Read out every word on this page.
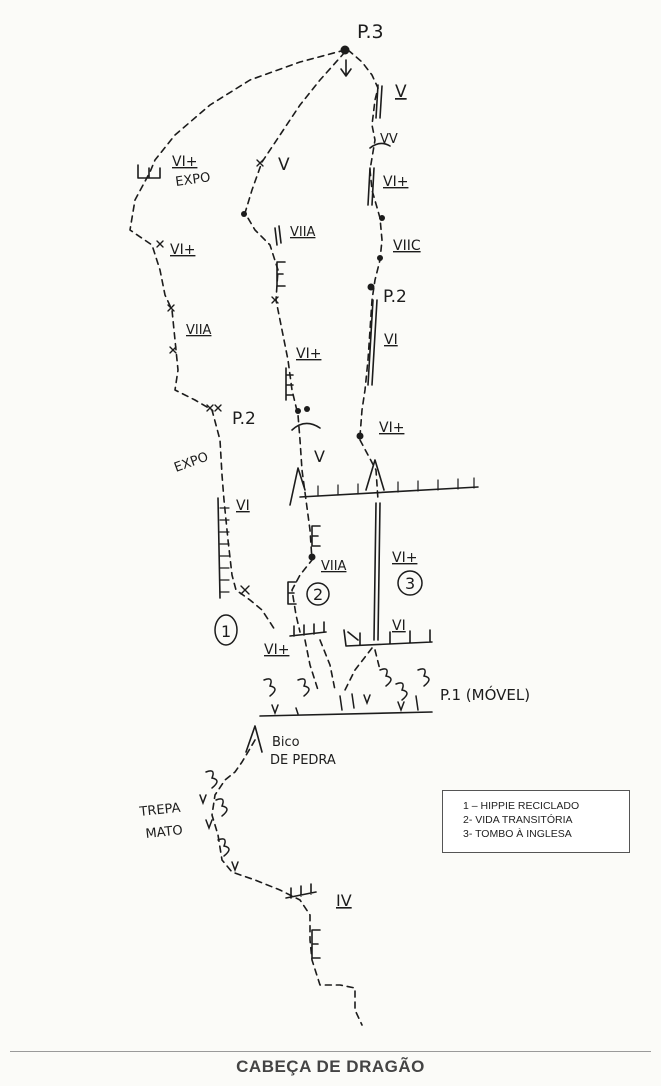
P.3
P.2
P.2
P.1 (MÓVEL)
VI+
EXPO
VI+
VIIA
EXPO
VI
VI+
V
VIIA
VI+
V
VIIA
V
VV
VI+
VIIC
VI
VI+
VI+
VI
IV
Bico
DE PEDRA
TREPA
MATO
1
2
3
1 – HIPPIE RECICLADO
2- VIDA TRANSITÓRIA
3- TOMBO À INGLESA
CABEÇA DE DRAGÃO
